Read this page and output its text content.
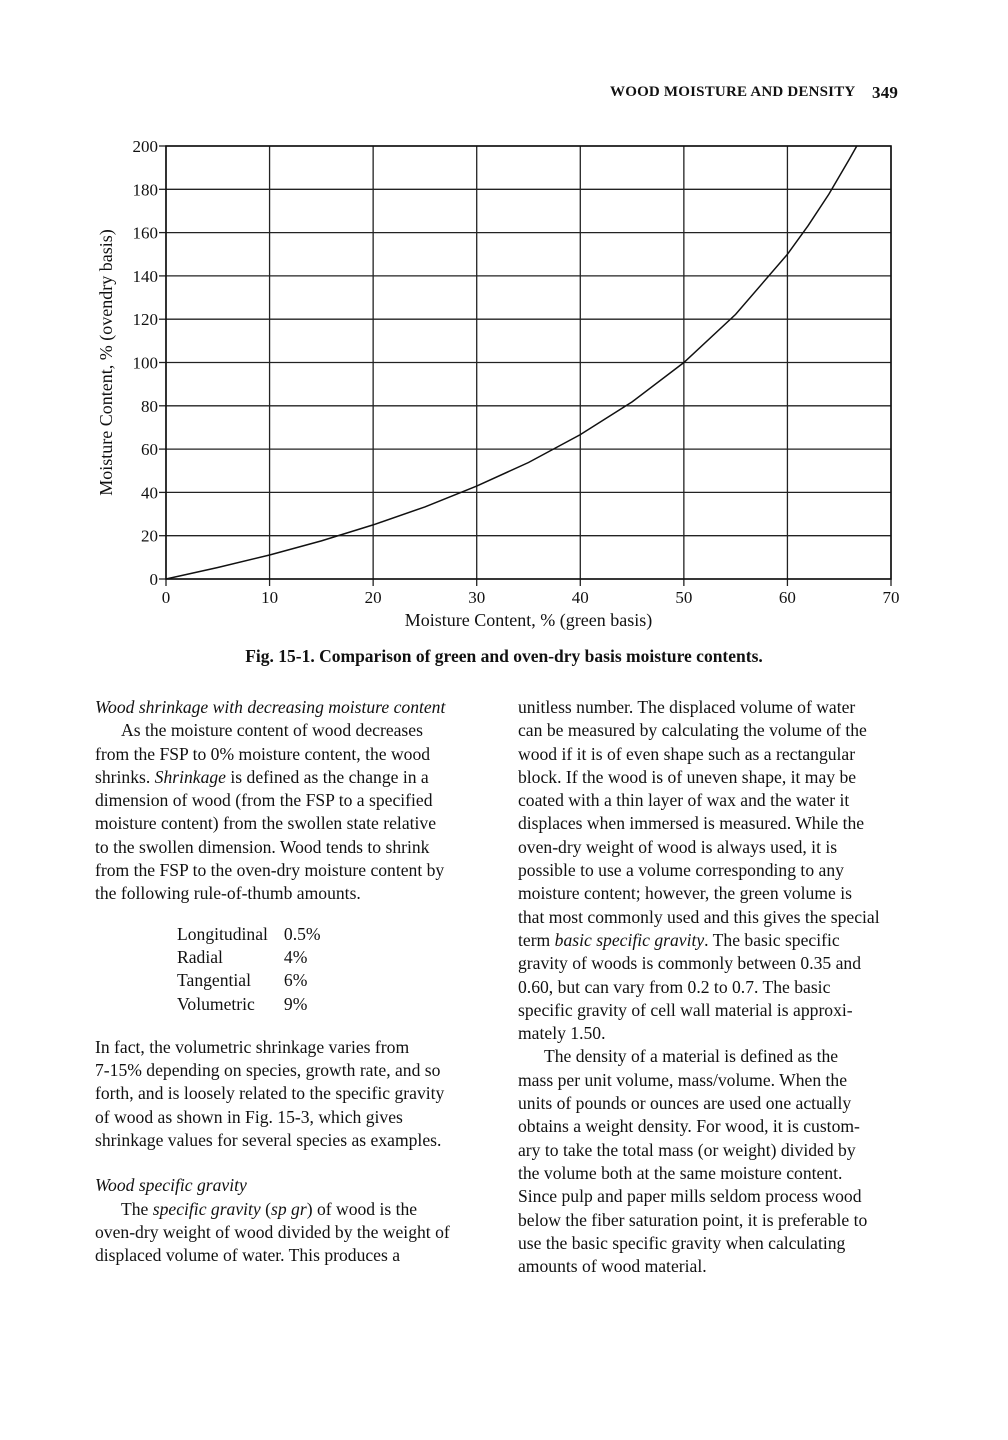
WOOD MOISTURE AND DENSITY 349
0	10	20	30	40	50	60	70
0
20
40
60
80
100
120
140
160
180
200
Moisture Content, % (green basis)
Moisture Content, % (ovendry basis)
Fig. 15-1. Comparison of green and oven-dry basis moisture contents.

Wood shrinkage with decreasing moisture content

As the moisture content of wood decreases

from the FSP to 0% moisture content, the wood

shrinks. Shrinkage is defined as the change in a

dimension of wood (from the FSP to a specified

moisture content) from the swollen state relative

to the swollen dimension. Wood tends to shrink

from the FSP to the oven-dry moisture content by

the following rule-of-thumb amounts.

Longitudinal	0.5%
Radial	4%
Tangential	6%
Volumetric	9%

In fact, the volumetric shrinkage varies from

7-15% depending on species, growth rate, and so

forth, and is loosely related to the specific gravity

of wood as shown in Fig. 15-3, which gives

shrinkage values for several species as examples.

Wood specific gravity

The specific gravity (sp gr) of wood is the

oven-dry weight of wood divided by the weight of

displaced volume of water. This produces a

unitless number. The displaced volume of water

can be measured by calculating the volume of the

wood if it is of even shape such as a rectangular

block. If the wood is of uneven shape, it may be

coated with a thin layer of wax and the water it

displaces when immersed is measured. While the

oven-dry weight of wood is always used, it is

possible to use a volume corresponding to any

moisture content; however, the green volume is

that most commonly used and this gives the special

term basic specific gravity. The basic specific

gravity of woods is commonly between 0.35 and

0.60, but can vary from 0.2 to 0.7. The basic

specific gravity of cell wall material is approxi-

mately 1.50.

The density of a material is defined as the

mass per unit volume, mass/volume. When the

units of pounds or ounces are used one actually

obtains a weight density. For wood, it is custom-

ary to take the total mass (or weight) divided by

the volume both at the same moisture content.

Since pulp and paper mills seldom process wood

below the fiber saturation point, it is preferable to

use the basic specific gravity when calculating

amounts of wood material.
